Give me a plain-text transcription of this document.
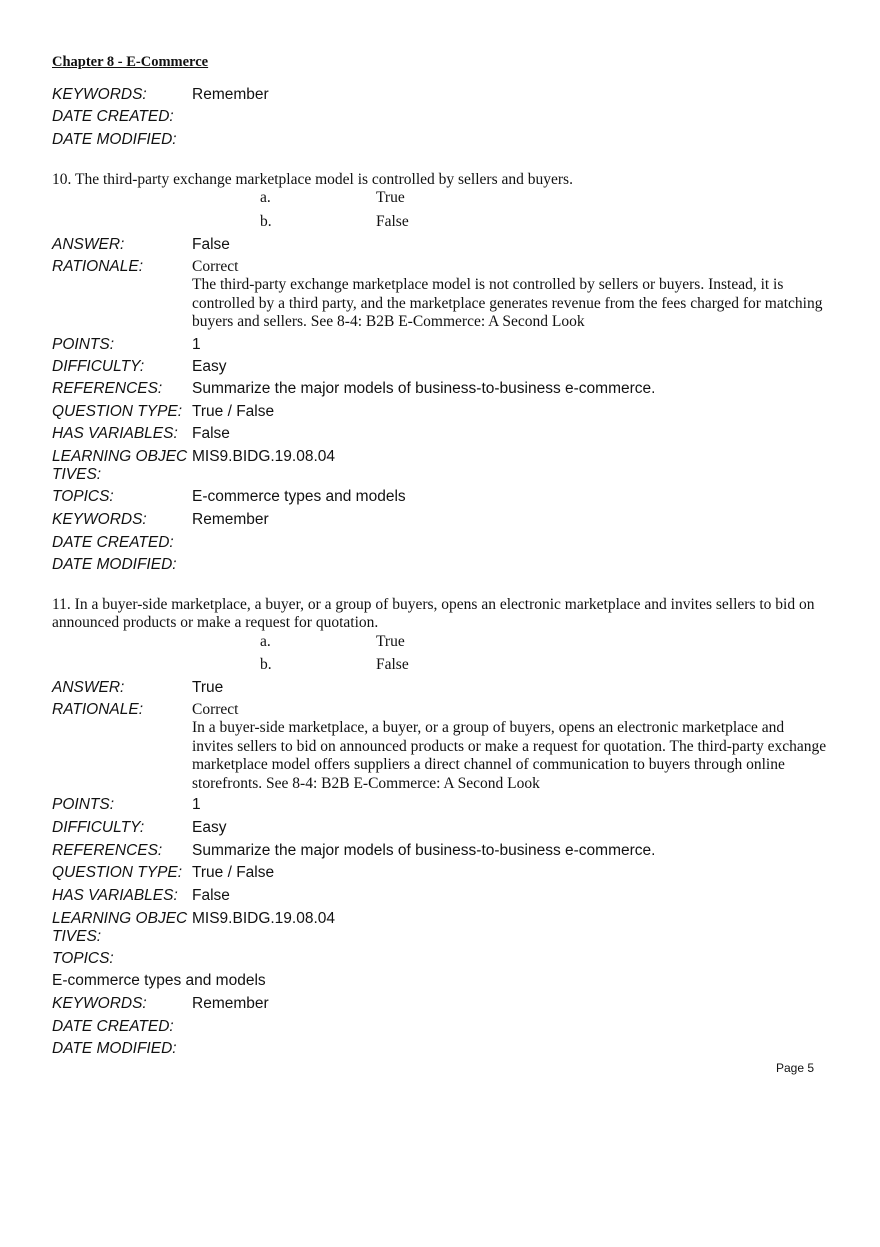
Chapter 8 - E-Commerce
KEYWORDS:	Remember
DATE CREATED:
DATE MODIFIED:
10. The third-party exchange marketplace model is controlled by sellers and buyers.
a.	True
b.	False
ANSWER:	False
RATIONALE:	Correct
The third-party exchange marketplace model is not controlled by sellers or buyers. Instead, it is controlled by a third party, and the marketplace generates revenue from the fees charged for matching buyers and sellers. See 8-4: B2B E-Commerce: A Second Look
POINTS:	1
DIFFICULTY:	Easy
REFERENCES: Summarize the major models of business-to-business e-commerce.
QUESTION TYPE: True / False
HAS VARIABLES: False
LEARNING OBJECTIVES:
MIS9.BIDG.19.08.04
TOPICS:	E-commerce types and models
KEYWORDS:	Remember
DATE CREATED:
DATE MODIFIED:
11. In a buyer-side marketplace, a buyer, or a group of buyers, opens an electronic marketplace and invites sellers to bid on announced products or make a request for quotation.
a.	True
b.	False
ANSWER:	True
RATIONALE:	Correct
In a buyer-side marketplace, a buyer, or a group of buyers, opens an electronic marketplace and invites sellers to bid on announced products or make a request for quotation. The third-party exchange marketplace model offers suppliers a direct channel of communication to buyers through online storefronts. See 8-4: B2B E-Commerce: A Second Look
POINTS:	1
DIFFICULTY:	Easy
REFERENCES: Summarize the major models of business-to-business e-commerce.
QUESTION TYPE: True / False
HAS VARIABLES: False
LEARNING OBJECTIVES:
MIS9.BIDG.19.08.04
TOPICS:
E-commerce types and models
KEYWORDS:	Remember
DATE CREATED:
DATE MODIFIED:
Page 5
